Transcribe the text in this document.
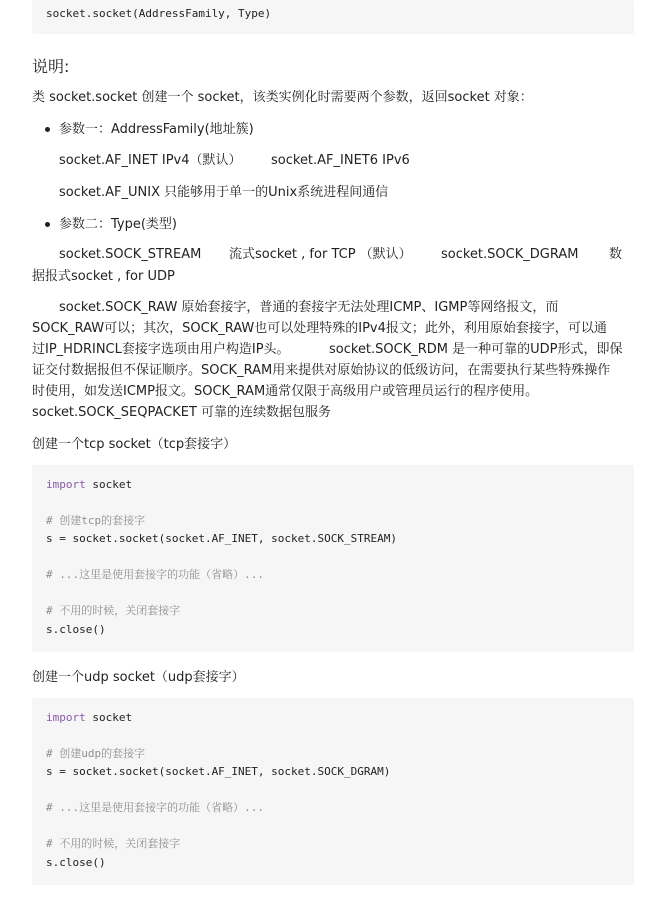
socket.socket(AddressFamily, Type)
说明:
类 socket.socket 创建一个 socket，该类实例化时需要两个参数，返回socket 对象：
参数一：AddressFamily(地址簇)
socket.AF_INET IPv4（默认） socket.AF_INET6 IPv6
socket.AF_UNIX 只能够用于单一的Unix系统进程间通信
参数二：Type(类型)
socket.SOCK_STREAM 流式socket , for TCP （默认） socket.SOCK_DGRAM 数
据报式socket , for UDP
socket.SOCK_RAW 原始套接字，普通的套接字无法处理ICMP、IGMP等网络报文，而
SOCK_RAW可以；其次，SOCK_RAW也可以处理特殊的IPv4报文；此外，利用原始套接字，可以通
过IP_HDRINCL套接字选项由用户构造IP头。	socket.SOCK_RDM 是一种可靠的UDP形式，即保
证交付数据报但不保证顺序。SOCK_RAM用来提供对原始协议的低级访问，在需要执行某些特殊操作
时使用，如发送ICMP报文。SOCK_RAM通常仅限于高级用户或管理员运行的程序使用。
socket.SOCK_SEQPACKET 可靠的连续数据包服务
创建一个tcp socket（tcp套接字）
import socket
# 创建tcp的套接字
s = socket.socket(socket.AF_INET, socket.SOCK_STREAM)
# ...这里是使用套接字的功能（省略）...
# 不用的时候，关闭套接字
s.close()
创建一个udp socket（udp套接字）
import socket
# 创建udp的套接字
s = socket.socket(socket.AF_INET, socket.SOCK_DGRAM)
# ...这里是使用套接字的功能（省略）...
# 不用的时候，关闭套接字
s.close()
